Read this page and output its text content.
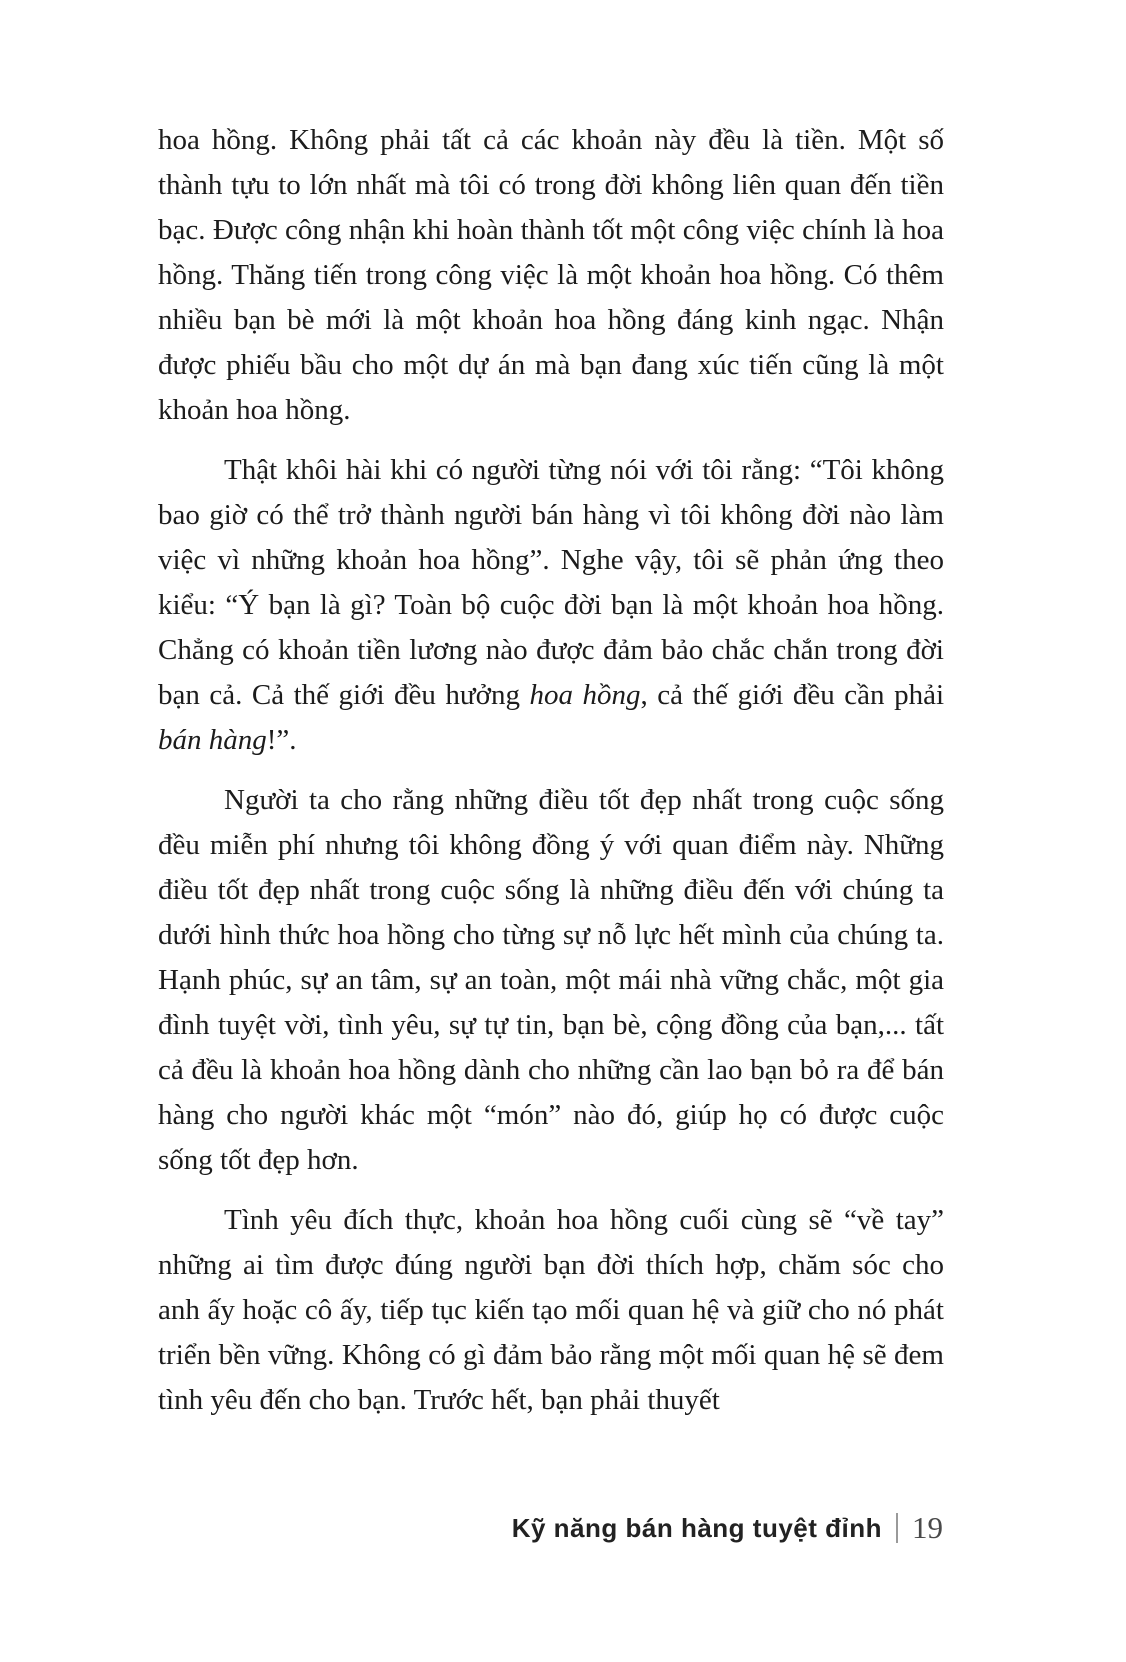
hoa hồng. Không phải tất cả các khoản này đều là tiền. Một số thành tựu to lớn nhất mà tôi có trong đời không liên quan đến tiền bạc. Được công nhận khi hoàn thành tốt một công việc chính là hoa hồng. Thăng tiến trong công việc là một khoản hoa hồng. Có thêm nhiều bạn bè mới là một khoản hoa hồng đáng kinh ngạc. Nhận được phiếu bầu cho một dự án mà bạn đang xúc tiến cũng là một khoản hoa hồng.

Thật khôi hài khi có người từng nói với tôi rằng: “Tôi không bao giờ có thể trở thành người bán hàng vì tôi không đời nào làm việc vì những khoản hoa hồng”. Nghe vậy, tôi sẽ phản ứng theo kiểu: “Ý bạn là gì? Toàn bộ cuộc đời bạn là một khoản hoa hồng. Chẳng có khoản tiền lương nào được đảm bảo chắc chắn trong đời bạn cả. Cả thế giới đều hưởng hoa hồng, cả thế giới đều cần phải bán hàng!”.

Người ta cho rằng những điều tốt đẹp nhất trong cuộc sống đều miễn phí nhưng tôi không đồng ý với quan điểm này. Những điều tốt đẹp nhất trong cuộc sống là những điều đến với chúng ta dưới hình thức hoa hồng cho từng sự nỗ lực hết mình của chúng ta. Hạnh phúc, sự an tâm, sự an toàn, một mái nhà vững chắc, một gia đình tuyệt vời, tình yêu, sự tự tin, bạn bè, cộng đồng của bạn,... tất cả đều là khoản hoa hồng dành cho những cần lao bạn bỏ ra để bán hàng cho người khác một “món” nào đó, giúp họ có được cuộc sống tốt đẹp hơn.

Tình yêu đích thực, khoản hoa hồng cuối cùng sẽ “về tay” những ai tìm được đúng người bạn đời thích hợp, chăm sóc cho anh ấy hoặc cô ấy, tiếp tục kiến tạo mối quan hệ và giữ cho nó phát triển bền vững. Không có gì đảm bảo rằng một mối quan hệ sẽ đem tình yêu đến cho bạn. Trước hết, bạn phải thuyết

Kỹ năng bán hàng tuyệt đỉnh 19
